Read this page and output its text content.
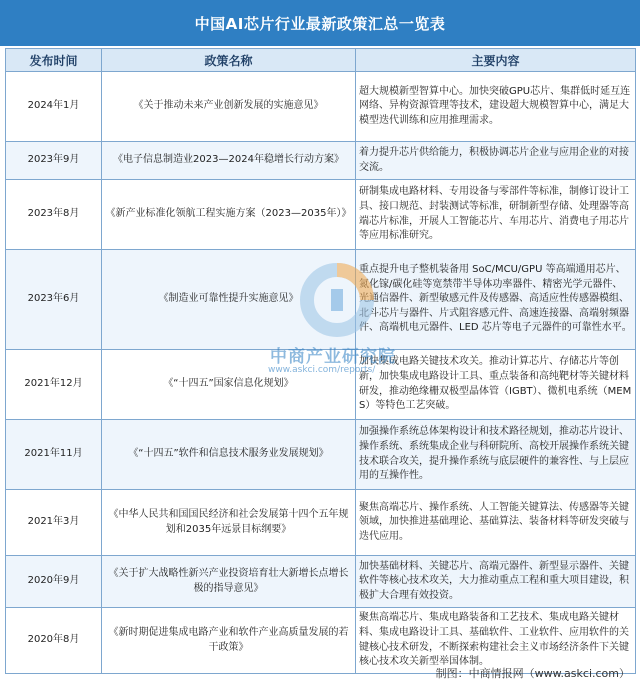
中国AI芯片行业最新政策汇总一览表
发布时间	政策名称	主要内容
2024年1月	《关于推动未来产业创新发展的实施意见》	超大规模新型智算中心。加快突破GPU芯片、集群低时延互连网络、异构资源管理等技术，建设超大规模智算中心，满足大模型迭代训练和应用推理需求。
2023年9月	《电子信息制造业2023—2024年稳增长行动方案》	着力提升芯片供给能力，积极协调芯片企业与应用企业的对接交流。
2023年8月	《新产业标准化领航工程实施方案（2023—2035年）》	研制集成电路材料、专用设备与零部件等标准，制修订设计工具、接口规范、封装测试等标准，研制新型存储、处理器等高端芯片标准，开展人工智能芯片、车用芯片、消费电子用芯片等应用标准研究。
2023年6月	《制造业可靠性提升实施意见》	重点提升电子整机装备用 SoC/MCU/GPU 等高端通用芯片、氮化镓/碳化硅等宽禁带半导体功率器件、精密光学元器件、光通信器件、新型敏感元件及传感器、高适应性传感器模组、北斗芯片与器件、片式阻容感元件、高速连接器、高端射频器件、高端机电元器件、LED 芯片等电子元器件的可靠性水平。
2021年12月	《“十四五”国家信息化规划》	加快集成电路关键技术攻关。推动计算芯片、存储芯片等创新，加快集成电路设计工具、重点装备和高纯靶材等关键材料研发，推动绝缘栅双极型晶体管（IGBT）、微机电系统（MEMS）等特色工艺突破。
2021年11月	《“十四五”软件和信息技术服务业发展规划》	加强操作系统总体架构设计和技术路径规划，推动芯片设计、操作系统、系统集成企业与科研院所、高校开展操作系统关键技术联合攻关，提升操作系统与底层硬件的兼容性、与上层应用的互操作性。
2021年3月	《中华人民共和国国民经济和社会发展第十四个五年规划和2035年远景目标纲要》	聚焦高端芯片、操作系统、人工智能关键算法、传感器等关键领域，加快推进基础理论、基础算法、装备材料等研发突破与迭代应用。
2020年9月	《关于扩大战略性新兴产业投资培育壮大新增长点增长极的指导意见》	加快基础材料、关键芯片、高端元器件、新型显示器件、关键软件等核心技术攻关，大力推动重点工程和重大项目建设，积极扩大合理有效投资。
2020年8月	《新时期促进集成电路产业和软件产业高质量发展的若干政策》	聚焦高端芯片、集成电路装备和工艺技术、集成电路关键材料、集成电路设计工具、基础软件、工业软件、应用软件的关键核心技术研发，不断探索构建社会主义市场经济条件下关键核心技术攻关新型举国体制。
中商产业研究院
www.askci.com/reports/
制图：中商情报网（www.askci.com）
